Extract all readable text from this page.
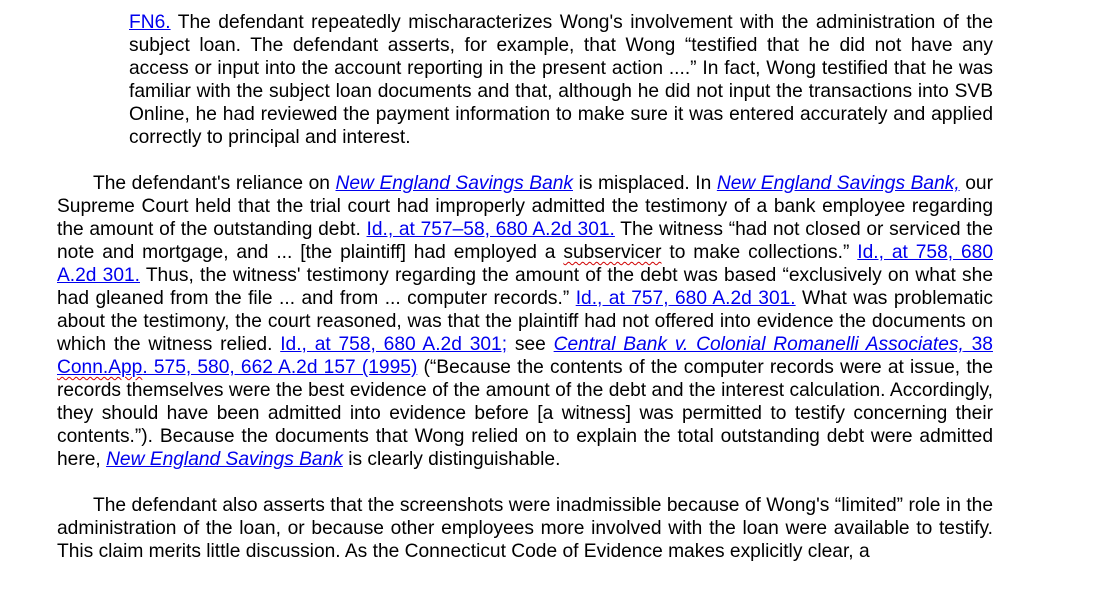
FN6. The defendant repeatedly mischaracterizes Wong's involvement with the administration of the subject loan. The defendant asserts, for example, that Wong “testified that he did not have any access or input into the account reporting in the present action ....” In fact, Wong testified that he was familiar with the subject loan documents and that, although he did not input the transactions into SVB Online, he had reviewed the payment information to make sure it was entered accurately and applied correctly to principal and interest.
The defendant's reliance on New England Savings Bank is misplaced. In New England Savings Bank, our Supreme Court held that the trial court had improperly admitted the testimony of a bank employee regarding the amount of the outstanding debt. Id., at 757–58, 680 A.2d 301. The witness “had not closed or serviced the note and mortgage, and ... [the plaintiff] had employed a subservicer to make collections.” Id., at 758, 680 A.2d 301. Thus, the witness' testimony regarding the amount of the debt was based “exclusively on what she had gleaned from the file ... and from ... computer records.” Id., at 757, 680 A.2d 301. What was problematic about the testimony, the court reasoned, was that the plaintiff had not offered into evidence the documents on which the witness relied. Id., at 758, 680 A.2d 301; see Central Bank v. Colonial Romanelli Associates, 38 Conn.App. 575, 580, 662 A.2d 157 (1995) (“Because the contents of the computer records were at issue, the records themselves were the best evidence of the amount of the debt and the interest calculation. Accordingly, they should have been admitted into evidence before [a witness] was permitted to testify concerning their contents.”). Because the documents that Wong relied on to explain the total outstanding debt were admitted here, New England Savings Bank is clearly distinguishable.
The defendant also asserts that the screenshots were inadmissible because of Wong's “limited” role in the administration of the loan, or because other employees more involved with the loan were available to testify. This claim merits little discussion. As the Connecticut Code of Evidence makes explicitly clear, a
